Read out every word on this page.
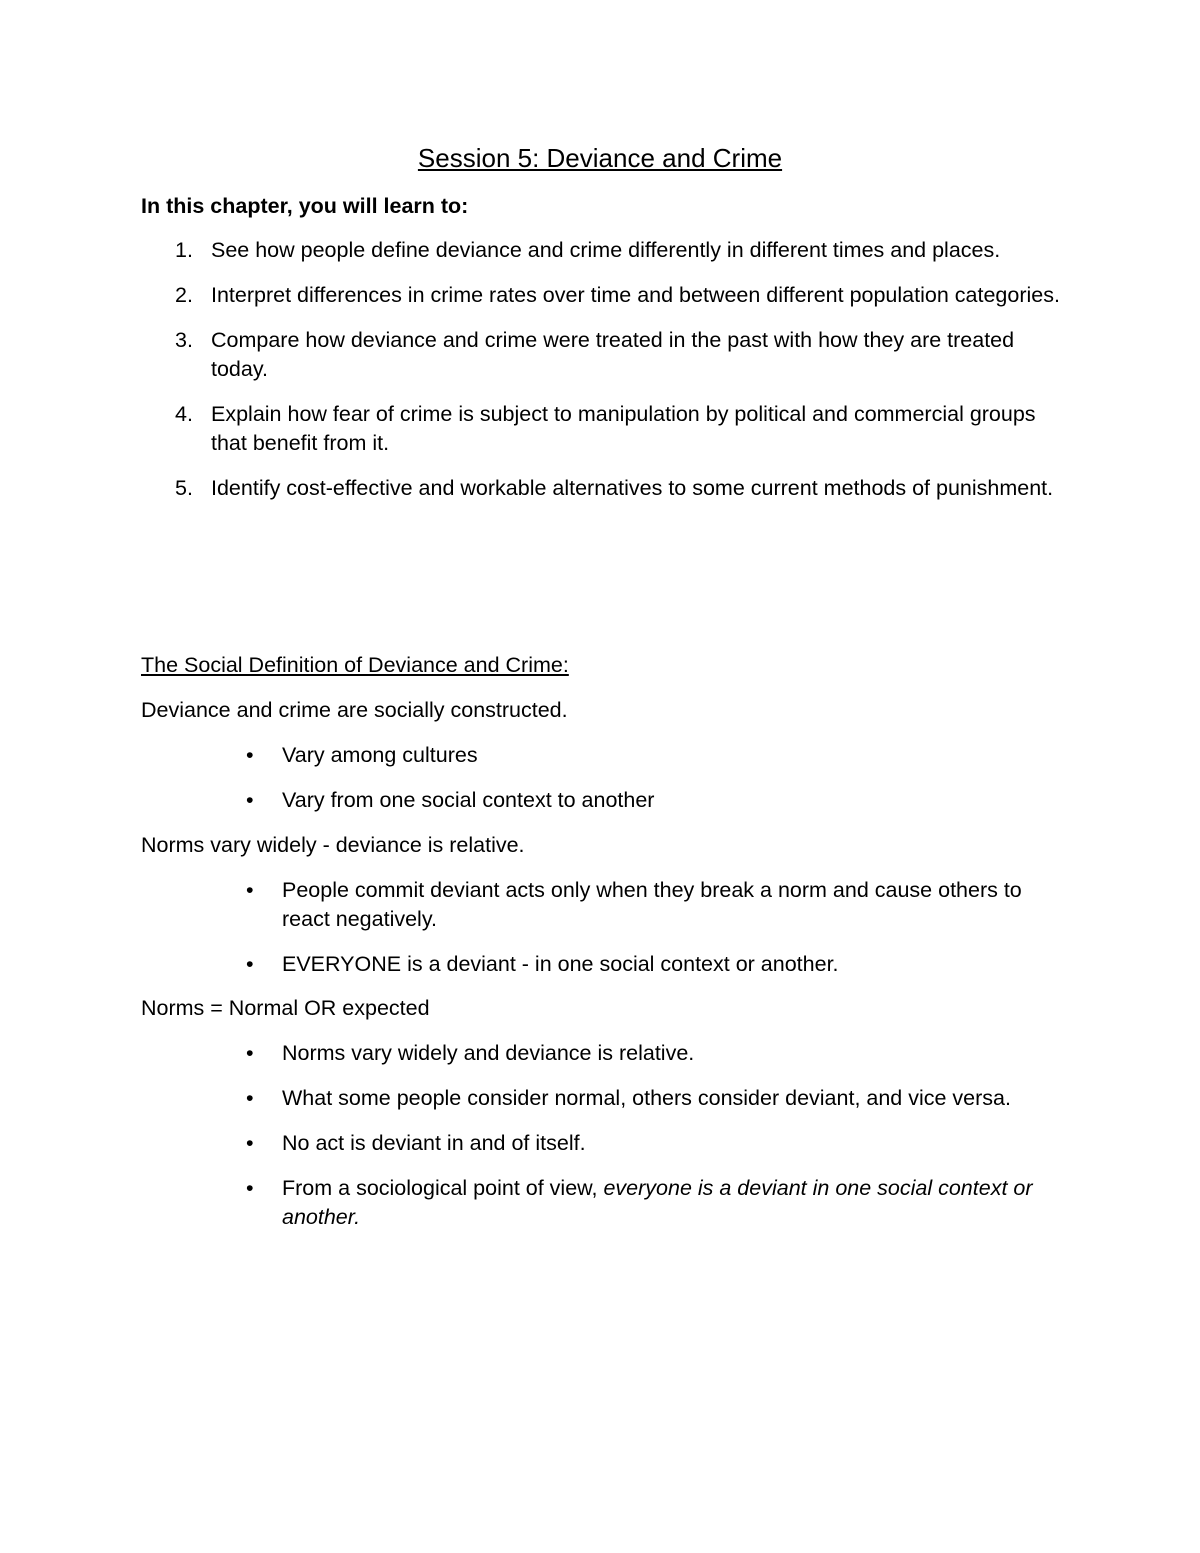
Session 5: Deviance and Crime

In this chapter, you will learn to:

1. See how people define deviance and crime differently in different times and places.
2. Interpret differences in crime rates over time and between different population categories.
3. Compare how deviance and crime were treated in the past with how they are treated today.
4. Explain how fear of crime is subject to manipulation by political and commercial groups that benefit from it.
5. Identify cost-effective and workable alternatives to some current methods of punishment.

The Social Definition of Deviance and Crime:

Deviance and crime are socially constructed.

• Vary among cultures
• Vary from one social context to another

Norms vary widely - deviance is relative.

• People commit deviant acts only when they break a norm and cause others to react negatively.
• EVERYONE is a deviant - in one social context or another.

Norms = Normal OR expected

• Norms vary widely and deviance is relative.
• What some people consider normal, others consider deviant, and vice versa.
• No act is deviant in and of itself.
• From a sociological point of view, everyone is a deviant in one social context or another.
